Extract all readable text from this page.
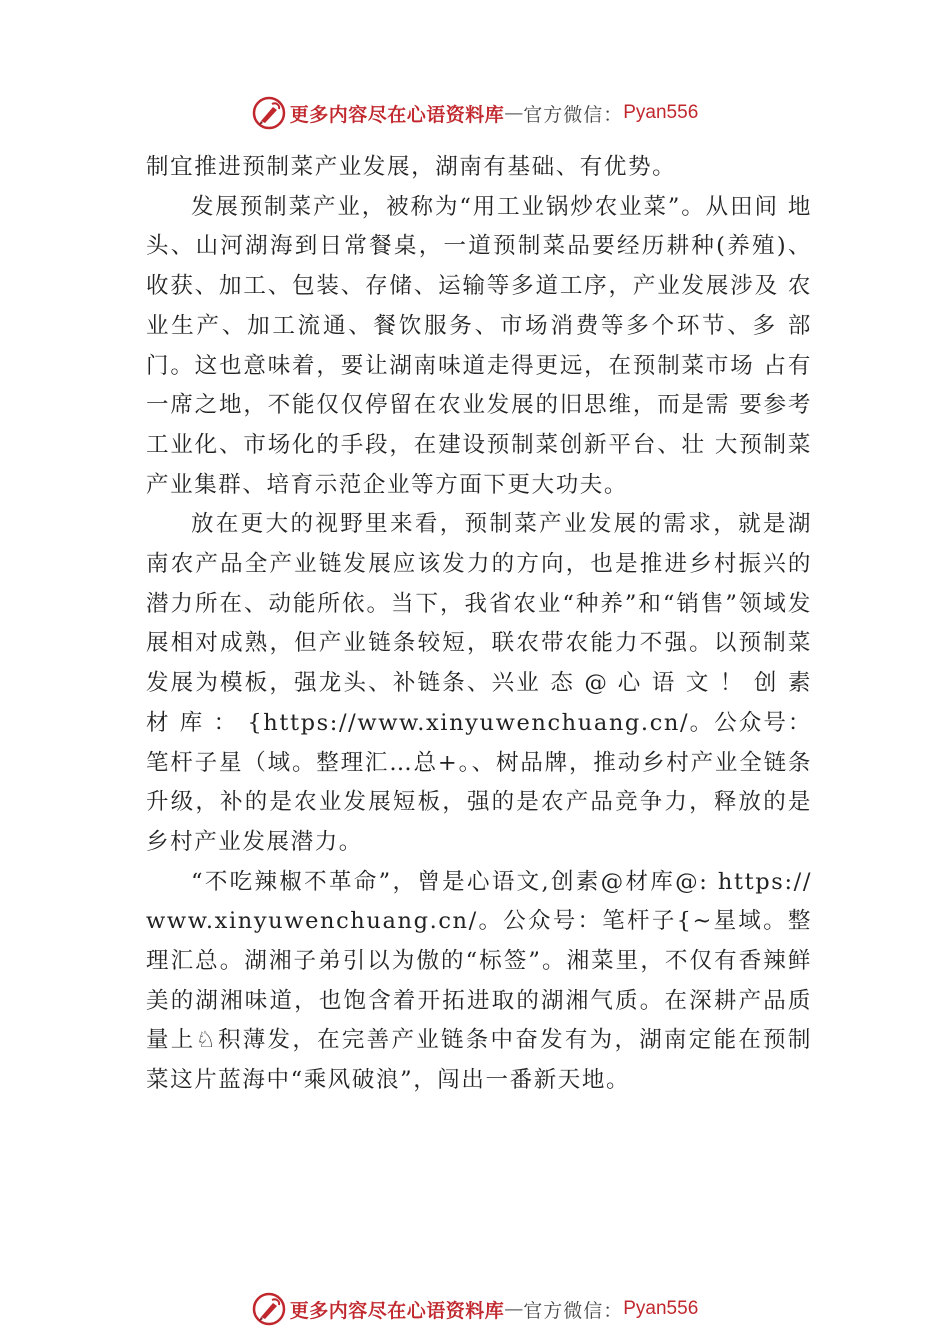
更多内容尽在心语资料库 — 官方微信： Pyan556

制宜推进预制菜产业发展，湖南有基础、有优势。

发展预制菜产业，被称为“用工业锅炒农业菜”。从田间 地头、山河湖海到日常餐桌，一道预制菜品要经历耕种(养殖)、收获、加工、包装、存储、运输等多道工序，产业发展涉及 农业生产、加工流通、餐饮服务、市场消费等多个环节、多 部门。这也意味着，要让湖南味道走得更远，在预制菜市场 占有一席之地，不能仅仅停留在农业发展的旧思维，而是需 要参考工业化、市场化的手段，在建设预制菜创新平台、壮 大预制菜产业集群、培育示范企业等方面下更大功夫。

放在更大的视野里来看，预制菜产业发展的需求，就是湖南农产品全产业链发展应该发力的方向，也是推进乡村振兴的潜力所在、动能所依。当下，我省农业“种养”和“销售”领域发展相对成熟，但产业链条较短，联农带农能力不强。以预制菜发展为模板，强龙头、补链条、兴业 态 @ 心 语 文 ！ 创 素 材 库 ： {https://www.xinyuwenchuang.cn/。公众号：笔杆子星（域。整理汇…总+。、树品牌，推动乡村产业全链条升级，补的是农业发展短板，强的是农产品竞争力，释放的是乡村产业发展潜力。

“不吃辣椒不革命”，曾是心语文,创素@材库@: https://www.xinyuwenchuang.cn/。公众号：笔杆子{~星域。整理汇总。湖湘子弟引以为傲的“标签”。湘菜里，不仅有香辣鲜美的湖湘味道，也饱含着开拓进取的湖湘气质。在深耕产品质量上♘积薄发，在完善产业链条中奋发有为，湖南定能在预制菜这片蓝海中“乘风破浪”，闯出一番新天地。

更多内容尽在心语资料库 — 官方微信： Pyan556
